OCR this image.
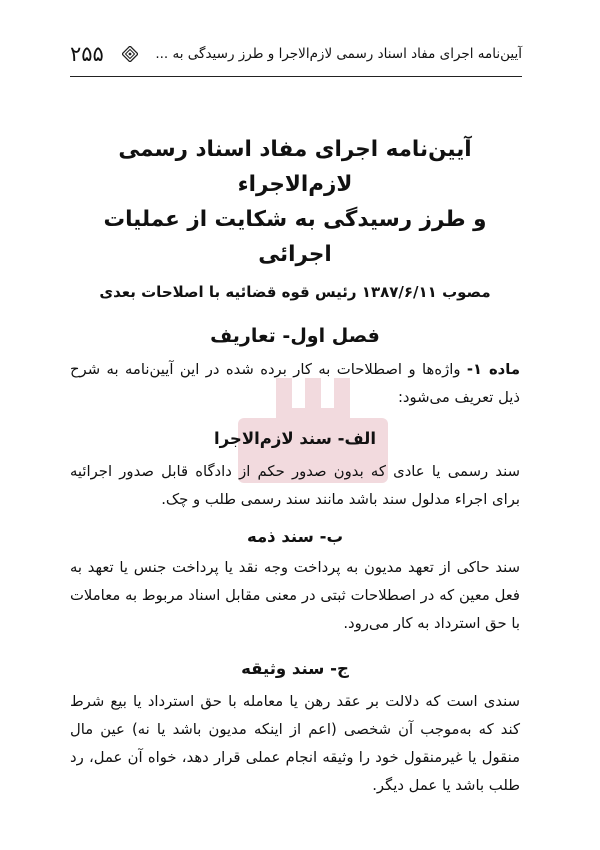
آیین‌نامه اجرای مفاد اسناد رسمی لازم‌الاجرا و طرز رسیدگی به ...
۲۵۵
آیین‌نامه اجرای مفاد اسناد رسمی لازم‌الاجراء
و طرز رسیدگی به شکایت از عملیات اجرائی
مصوب ۱۳۸۷/۶/۱۱ رئیس قوه قضائیه با اصلاحات بعدی
فصل اول- تعاریف

ماده ۱- واژه‌ها و اصطلاحات به کار برده شده در این آیین‌نامه به شرح ذیل تعریف می‌شود:

الف- سند لازم‌الاجرا

سند رسمی یا عادی که بدون صدور حکم از دادگاه قابل صدور اجرائیه برای اجراء مدلول سند باشد مانند سند رسمی طلب و چک.

ب- سند ذمه

سند حاکی از تعهد مدیون به پرداخت وجه نقد یا پرداخت جنس یا تعهد به فعل معین که در اصطلاحات ثبتی در معنی مقابل اسناد مربوط به معاملات با حق استرداد به کار می‌رود.

ج- سند وثیقه

سندی است که دلالت بر عقد رهن یا معامله با حق استرداد یا بیع شرط کند که به‌موجب آن شخصی (اعم از اینکه مدیون باشد یا نه) عین مال منقول یا غیرمنقول خود را وثیقه انجام عملی قرار دهد، خواه آن عمل، رد طلب باشد یا عمل دیگر.
